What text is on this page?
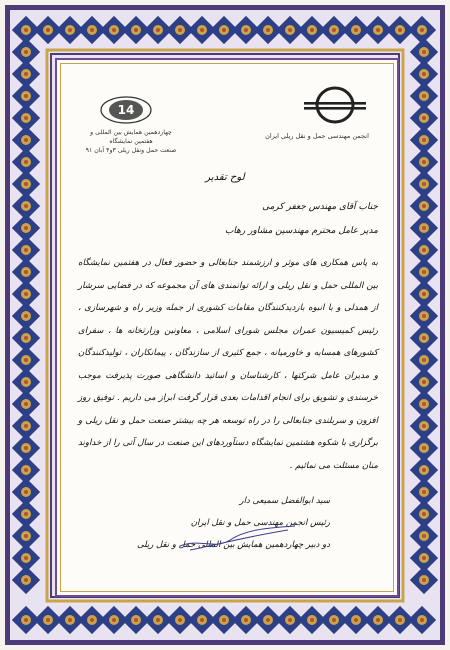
14
چهاردهمین همایش بین المللی و هفتمین نمایشگاه
صنعت حمل ونقل ریلی ۳و۴ آبان ۹۱
انجمن مهندسی حمل و نقل ریلی ایران
لوح تقدیر

جناب آقای مهندس جعفر کرمی

مدیر عامل محترم مهندسین مشاور رهاب

به پاس همکاری های موثر و ارزشمند جنابعالی و حضور فعال در هفتمین نمایشگاه بین المللی حمل و نقل ریلی و ارائه توانمندی های آن مجموعه که در فضایی سرشار از همدلی و با انبوه بازدیدکنندگان مقامات کشوری از جمله وزیر راه و شهرسازی ، رئیس کمیسیون عمران مجلس شورای اسلامی ، معاونین وزارتخانه ها ، سفرای کشورهای همسایه و خاورمیانه ، جمع کثیری از سازندگان ، پیمانکاران ، تولیدکنندگان و مدیران عامل شرکتها ، کارشناسان و اساتید دانشگاهی صورت پذیرفت موجب خرسندی و تشویق برای انجام اقدامات بعدی قرار گرفت ابراز می داریم . توفیق روز افزون و سربلندی جنابعالی را در راه توسعه هر چه بیشتر صنعت حمل و نقل ریلی و برگزاری با شکوه هشتمین نمایشگاه دستآوردهای این صنعت در سال آتی را از خداوند منان مسئلت می نمائیم .

سید ابوالفضل سمیعی دار
رئیس انجمن مهندسی حمل و نقل ایران
دو دبیر چهاردهمین همایش بین المللی حمل و نقل ریلی
